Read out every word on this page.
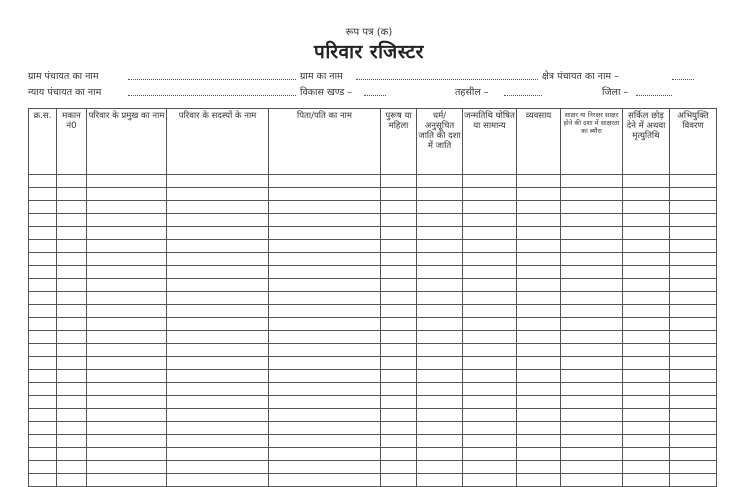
रूप पत्र (क)
परिवार रजिस्टर
ग्राम पंचायत का नाम	ग्राम का नाम	क्षेत्र पंचायत का नाम –
न्याय पंचायत का नाम	विकास खण्ड –	तहसील –	जिला –
क्र.स.	मकान नं0	परिवार के प्रमुख का नाम	परिवार के सदस्यों के नाम	पिता/पति का नाम	पुरूष या महिला	धर्म/ अनुसूचित जाति की दशा में जाति	जन्मतिथि घोषित या सामान्य	व्यवसाय	साक्षर या निरक्षर साक्षर होने की दशा में साक्षरता का ब्यौरा	सर्किल छोड़ देने में अथवा मृत्युतिथि	अभियुक्ति विवरण
